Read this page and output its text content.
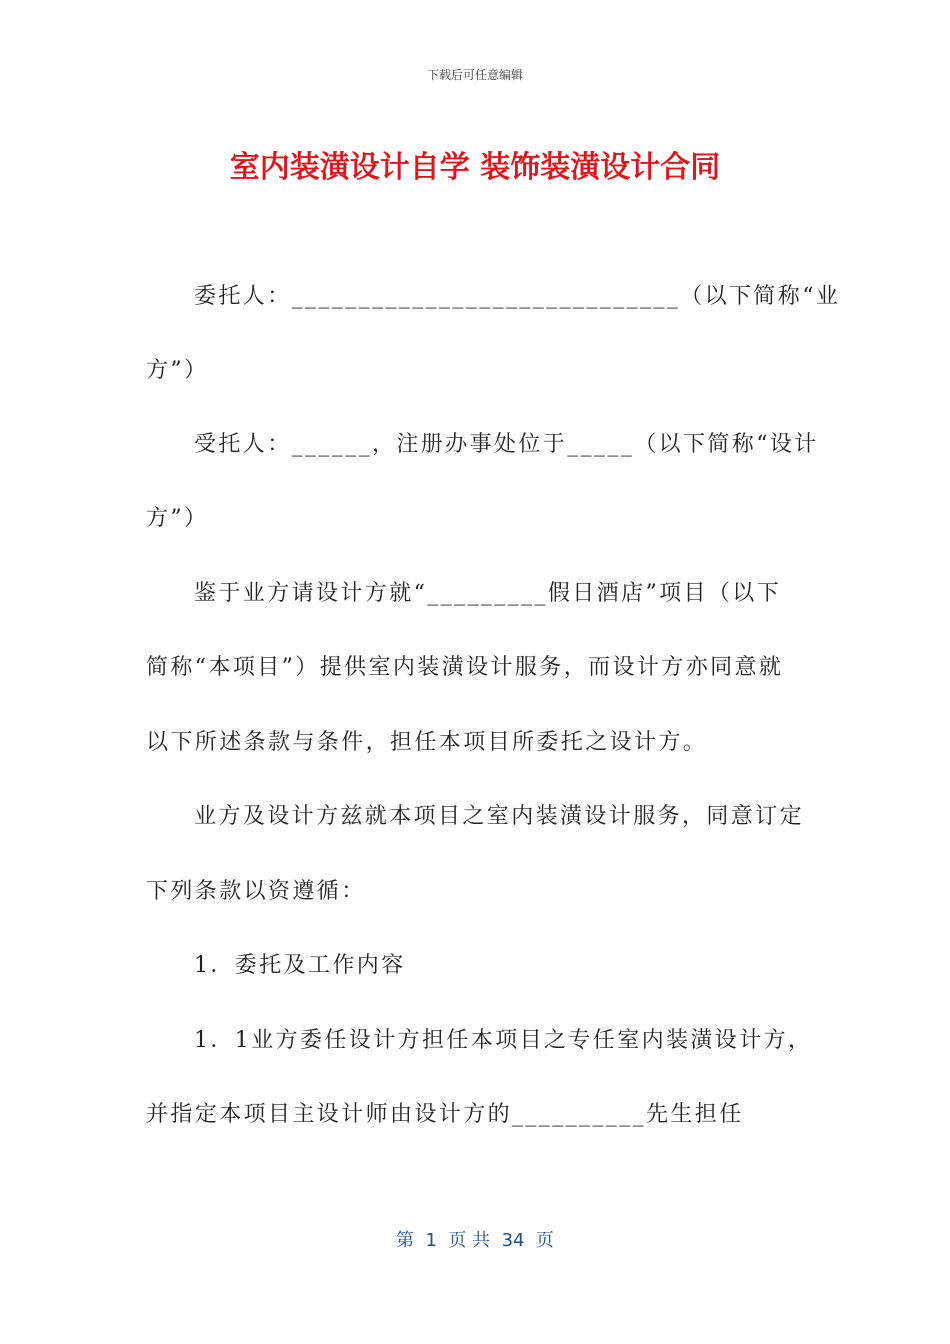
下载后可任意编辑
室内装潢设计自学 装饰装潢设计合同
委托人：_____________________________（以下简称“业
方”）
受托人：______，注册办事处位于_____（以下简称“设计
方”）
鉴于业方请设计方就“_________假日酒店”项目（以下
简称“本项目”）提供室内装潢设计服务，而设计方亦同意就
以下所述条款与条件，担任本项目所委托之设计方。
业方及设计方兹就本项目之室内装潢设计服务，同意订定
下列条款以资遵循：
1．委托及工作内容
1．1业方委任设计方担任本项目之专任室内装潢设计方，
并指定本项目主设计师由设计方的__________先生担任
第  1  页 共  34  页
